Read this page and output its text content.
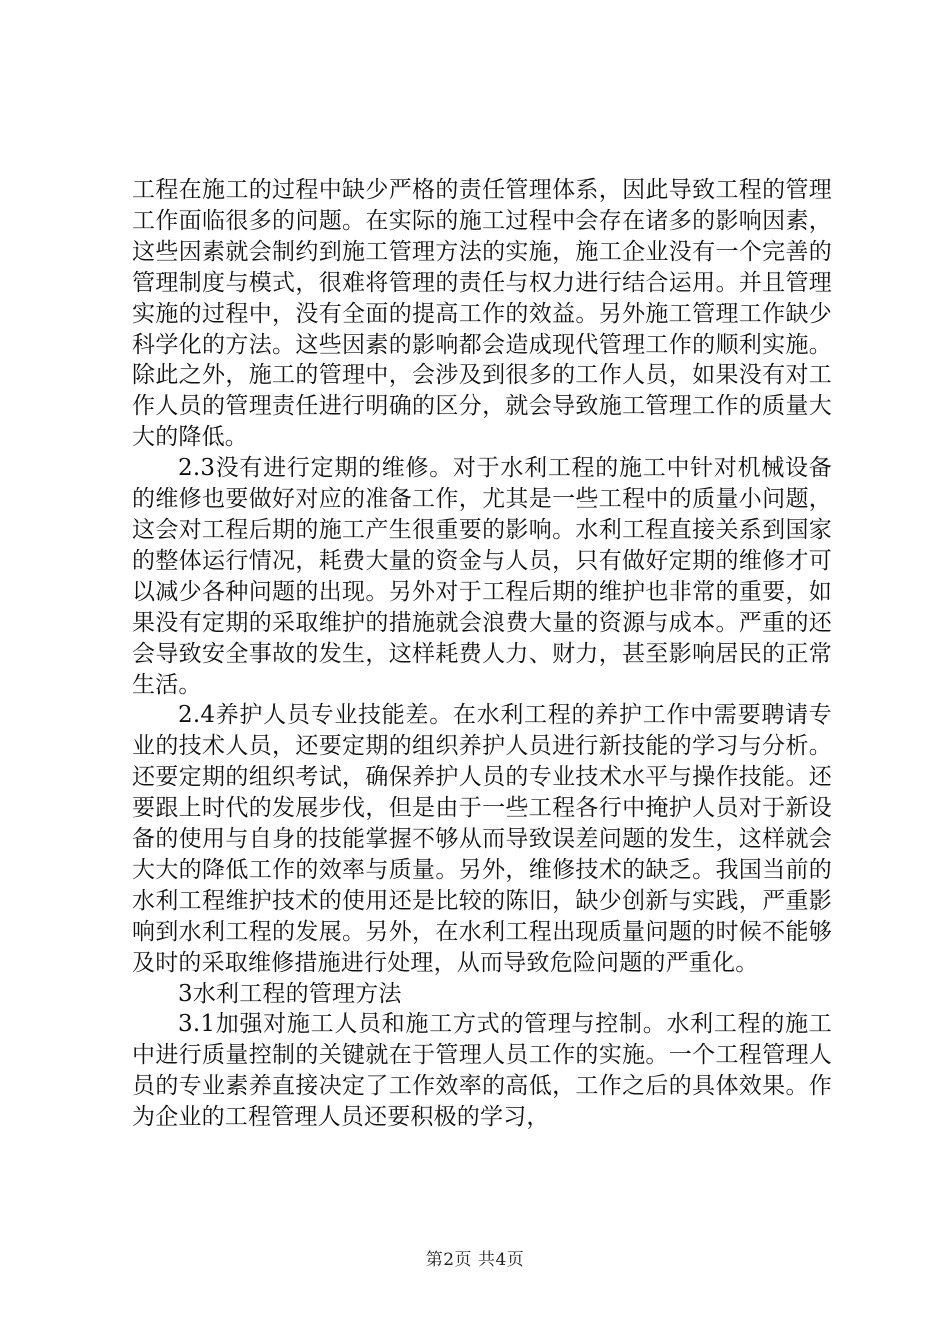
工程在施工的过程中缺少严格的责任管理体系，因此导致工程的管理工作面临很多的问题。在实际的施工过程中会存在诸多的影响因素，这些因素就会制约到施工管理方法的实施，施工企业没有一个完善的管理制度与模式，很难将管理的责任与权力进行结合运用。并且管理实施的过程中，没有全面的提高工作的效益。另外施工管理工作缺少科学化的方法。这些因素的影响都会造成现代管理工作的顺利实施。除此之外，施工的管理中，会涉及到很多的工作人员，如果没有对工作人员的管理责任进行明确的区分，就会导致施工管理工作的质量大大的降低。

2.3没有进行定期的维修。对于水利工程的施工中针对机械设备的维修也要做好对应的准备工作，尤其是一些工程中的质量小问题，这会对工程后期的施工产生很重要的影响。水利工程直接关系到国家的整体运行情况，耗费大量的资金与人员，只有做好定期的维修才可以减少各种问题的出现。另外对于工程后期的维护也非常的重要，如果没有定期的采取维护的措施就会浪费大量的资源与成本。严重的还会导致安全事故的发生，这样耗费人力、财力，甚至影响居民的正常生活。

2.4养护人员专业技能差。在水利工程的养护工作中需要聘请专业的技术人员，还要定期的组织养护人员进行新技能的学习与分析。还要定期的组织考试，确保养护人员的专业技术水平与操作技能。还要跟上时代的发展步伐，但是由于一些工程各行中掩护人员对于新设备的使用与自身的技能掌握不够从而导致误差问题的发生，这样就会大大的降低工作的效率与质量。另外，维修技术的缺乏。我国当前的水利工程维护技术的使用还是比较的陈旧，缺少创新与实践，严重影响到水利工程的发展。另外，在水利工程出现质量问题的时候不能够及时的采取维修措施进行处理，从而导致危险问题的严重化。

3水利工程的管理方法

3.1加强对施工人员和施工方式的管理与控制。水利工程的施工中进行质量控制的关键就在于管理人员工作的实施。一个工程管理人员的专业素养直接决定了工作效率的高低，工作之后的具体效果。作为企业的工程管理人员还要积极的学习，

第2页 共4页
